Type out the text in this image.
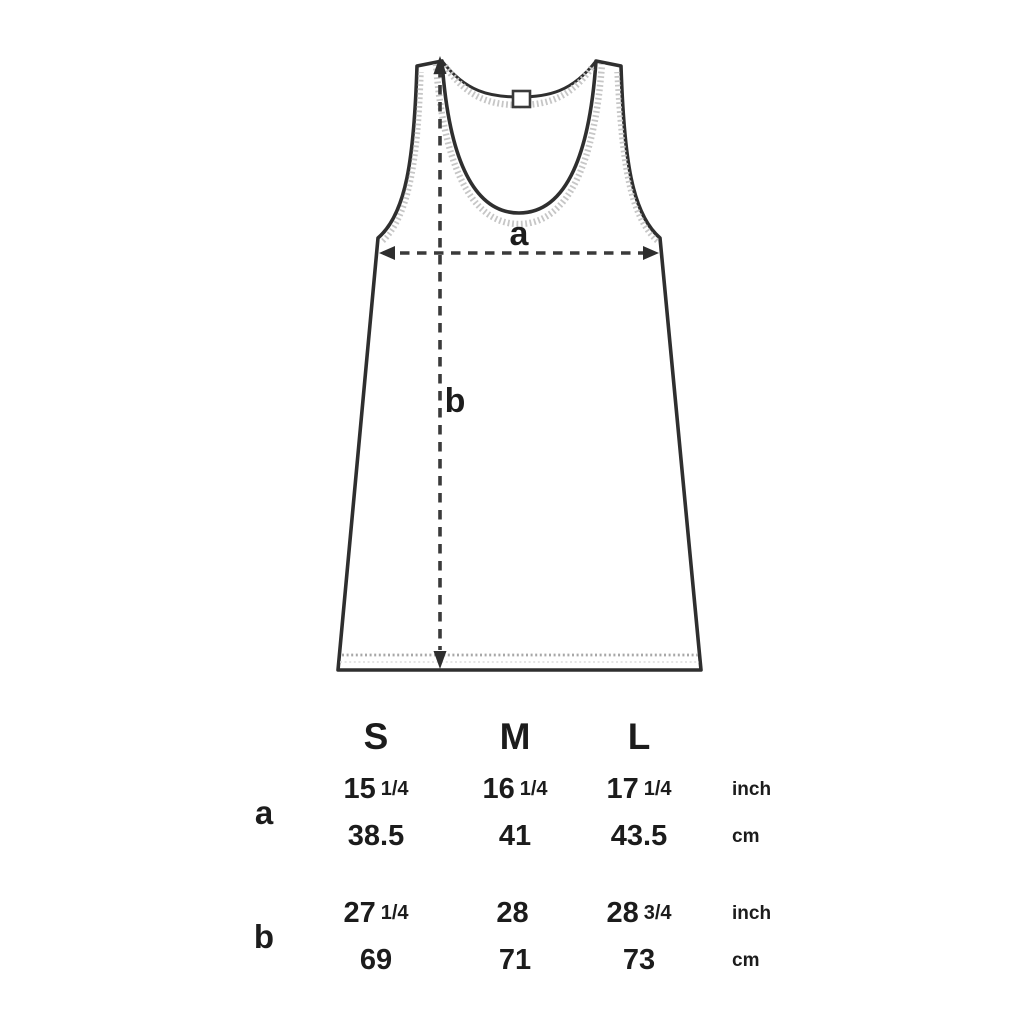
a
b
S	M	L
a
15 1/4
38.5
16 1/4
41
17 1/4
43.5
inch
cm
b
27 1/4
69
28
71
28 3/4
73
inch
cm
